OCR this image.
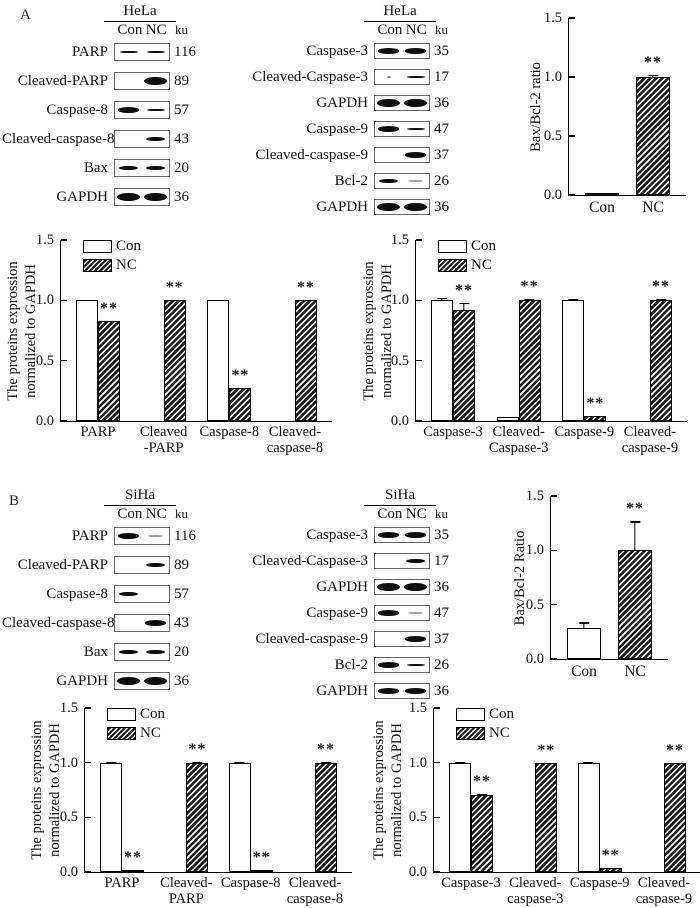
A	HeLa
Con NC ku
PARP	116
Cleaved-PARP	89
Caspase-8	57
Cleaved-caspase-8	43
Bax	20
GAPDH	36
HeLa
Con NC ku
Caspase-3	35
Cleaved-Caspase-3	17
GAPDH	36
Caspase-9	47
Cleaved-caspase-9	37
Bcl-2	26
GAPDH	36
Bax/Bcl-2 ratio
0.0
0.5
1.0
1.5
**
Con	NC
The proteins exprossion normalized to GAPDH
0.0
0.5
1.0
1.5	Con
NC
**
**
**
**
PARP	Cleaved
-PARP
Caspase-8 Cleaved-
caspase-8
The proteins exprossion normalized to GAPDH
0.0
0.5
1.0
1.5	Con
NC
**	**
**
**
Caspase-3 Cleaved-
Caspase-3
Caspase-9 Cleaved-
caspase-9
B	SiHa
Con NC ku
PARP	116
Cleaved-PARP	89
Caspase-8	57
Cleaved-caspase-8	43
Bax	20
GAPDH	36
SiHa
Con NC ku
Caspase-3	35
Cleaved-Caspase-3	17
GAPDH	36
Caspase-9	47
Cleaved-caspase-9	37
Bcl-2	26
GAPDH	36
Bax/Bcl-2 Ratio
0.0
0.5
1.0
1.5
**
Con	NC
The proteins exprossion normalized to GAPDH
0.0
0.5
1.0
1.5	Con
NC
**
**
**
**
PARP	Cleaved-
PARP
Caspase-8 Cleaved-
caspase-8
The proteins exprossion normalized to GAPDH
0.0
0.5
1.0
1.5	Con
NC
**
**
**
**
Caspase-3 Cleaved-
caspase-3
Caspase-9 Cleaved-
caspase-9
